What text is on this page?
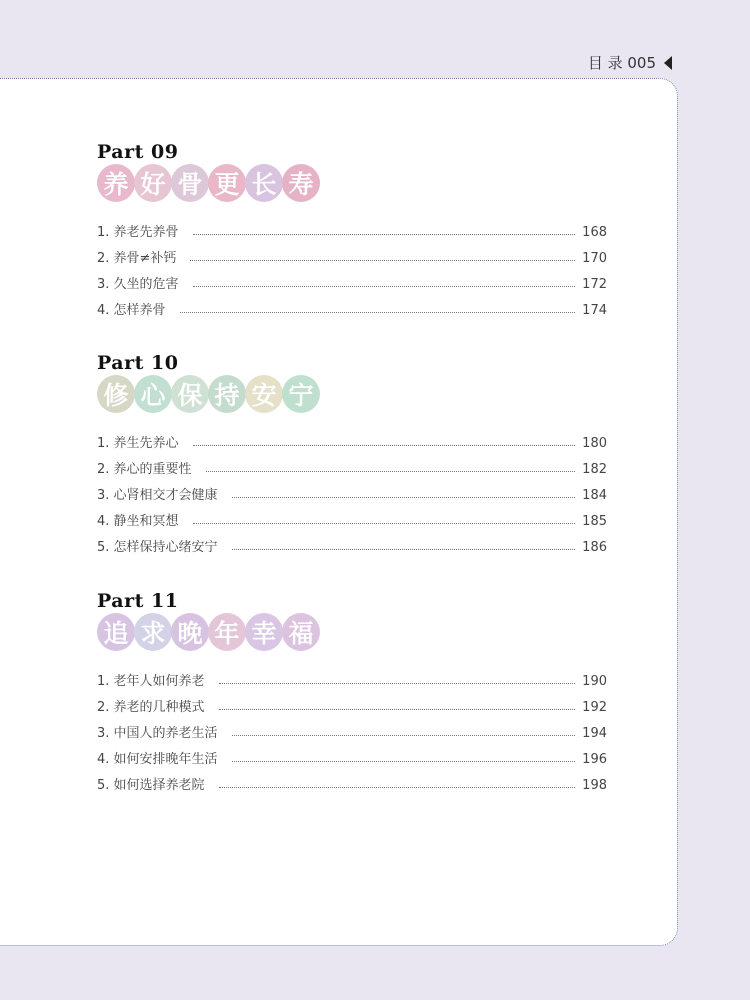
目 录 005
Part 09
养 好 骨 更 长 寿
1. 养老先养骨	168
2. 养骨≠补钙	170
3. 久坐的危害	172
4. 怎样养骨	174
Part 10
修 心 保 持 安 宁
1. 养生先养心	180
2. 养心的重要性	182
3. 心肾相交才会健康	184
4. 静坐和冥想	185
5. 怎样保持心绪安宁	186
Part 11
追 求 晚 年 幸 福
1. 老年人如何养老	190
2. 养老的几种模式	192
3. 中国人的养老生活	194
4. 如何安排晚年生活	196
5. 如何选择养老院	198
